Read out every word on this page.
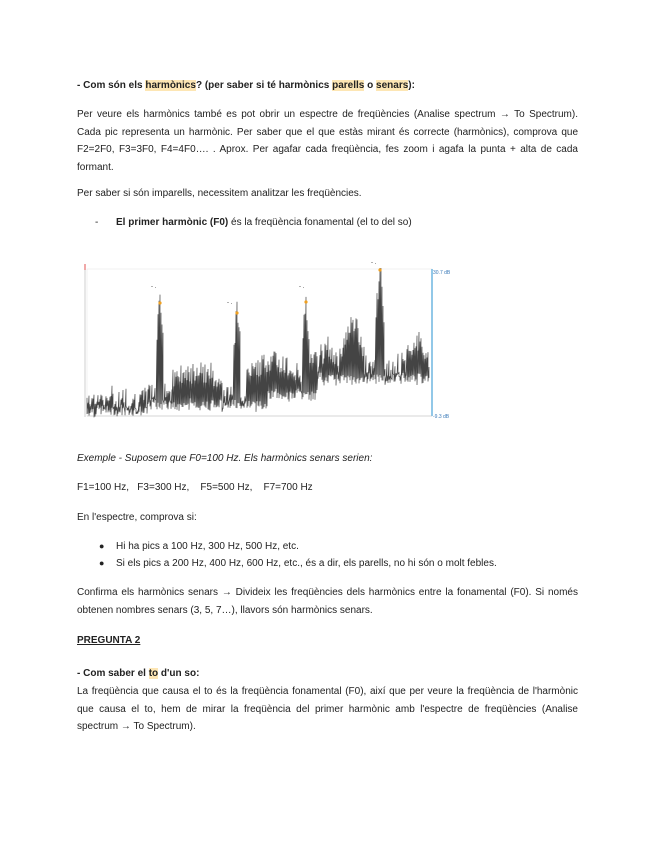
- Com són els harmònics? (per saber si té harmònics parells o senars):

Per veure els harmònics també es pot obrir un espectre de freqüències (Analise spectrum → To Spectrum). Cada pic representa un harmònic. Per saber que el que estàs mirant és correcte (harmònics), comprova que F2=2F0, F3=3F0, F4=4F0…. . Aprox. Per agafar cada freqüència, fes zoom i agafa la punta + alta de cada formant.

Per saber si són imparells, necessitem analitzar les freqüències.

- El primer harmònic (F0) és la freqüència fonamental (el to del so)

30.7 dB
-9.3 dB
- .
- .
- .
- .

Exemple - Suposem que F0=100 Hz. Els harmònics senars serien:

F1=100 Hz,   F3=300 Hz,    F5=500 Hz,    F7=700 Hz

En l'espectre, comprova si:

● Hi ha pics a 100 Hz, 300 Hz, 500 Hz, etc.

● Si els pics a 200 Hz, 400 Hz, 600 Hz, etc., és a dir, els parells, no hi són o molt febles.

Confirma els harmònics senars → Divideix les freqüències dels harmònics entre la fonamental (F0). Si només obtenen nombres senars (3, 5, 7…), llavors són harmònics senars.

PREGUNTA 2

- Com saber el to d'un so:

La freqüència que causa el to és la freqüència fonamental (F0), així que per veure la freqüència de l'harmònic que causa el to, hem de mirar la freqüència del primer harmònic amb l'espectre de freqüències (Analise spectrum → To Spectrum).
